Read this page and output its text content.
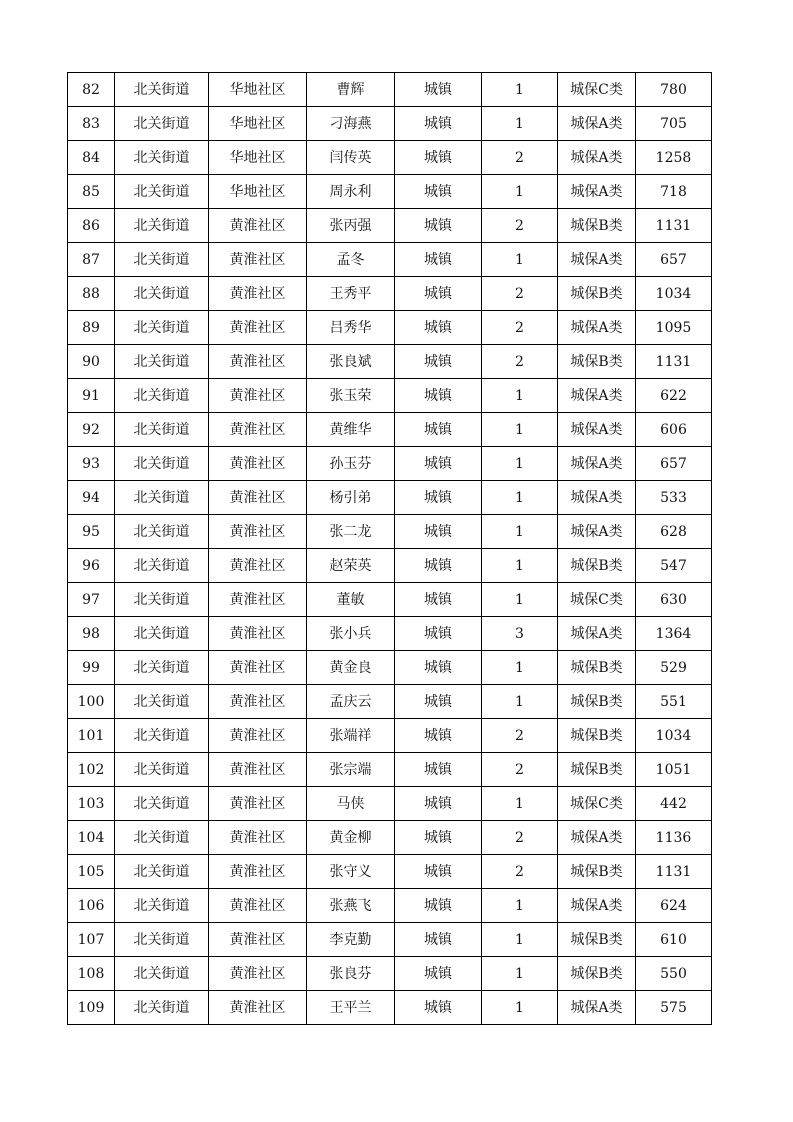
82	北关街道	华地社区	曹辉	城镇	1	城保C类	780
83	北关街道	华地社区	刁海燕	城镇	1	城保A类	705
84	北关街道	华地社区	闫传英	城镇	2	城保A类	1258
85	北关街道	华地社区	周永利	城镇	1	城保A类	718
86	北关街道	黄淮社区	张丙强	城镇	2	城保B类	1131
87	北关街道	黄淮社区	孟冬	城镇	1	城保A类	657
88	北关街道	黄淮社区	王秀平	城镇	2	城保B类	1034
89	北关街道	黄淮社区	吕秀华	城镇	2	城保A类	1095
90	北关街道	黄淮社区	张良斌	城镇	2	城保B类	1131
91	北关街道	黄淮社区	张玉荣	城镇	1	城保A类	622
92	北关街道	黄淮社区	黄维华	城镇	1	城保A类	606
93	北关街道	黄淮社区	孙玉芬	城镇	1	城保A类	657
94	北关街道	黄淮社区	杨引弟	城镇	1	城保A类	533
95	北关街道	黄淮社区	张二龙	城镇	1	城保A类	628
96	北关街道	黄淮社区	赵荣英	城镇	1	城保B类	547
97	北关街道	黄淮社区	董敏	城镇	1	城保C类	630
98	北关街道	黄淮社区	张小兵	城镇	3	城保A类	1364
99	北关街道	黄淮社区	黄金良	城镇	1	城保B类	529
100	北关街道	黄淮社区	孟庆云	城镇	1	城保B类	551
101	北关街道	黄淮社区	张端祥	城镇	2	城保B类	1034
102	北关街道	黄淮社区	张宗端	城镇	2	城保B类	1051
103	北关街道	黄淮社区	马侠	城镇	1	城保C类	442
104	北关街道	黄淮社区	黄金柳	城镇	2	城保A类	1136
105	北关街道	黄淮社区	张守义	城镇	2	城保B类	1131
106	北关街道	黄淮社区	张燕飞	城镇	1	城保A类	624
107	北关街道	黄淮社区	李克勤	城镇	1	城保B类	610
108	北关街道	黄淮社区	张良芬	城镇	1	城保B类	550
109	北关街道	黄淮社区	王平兰	城镇	1	城保A类	575
